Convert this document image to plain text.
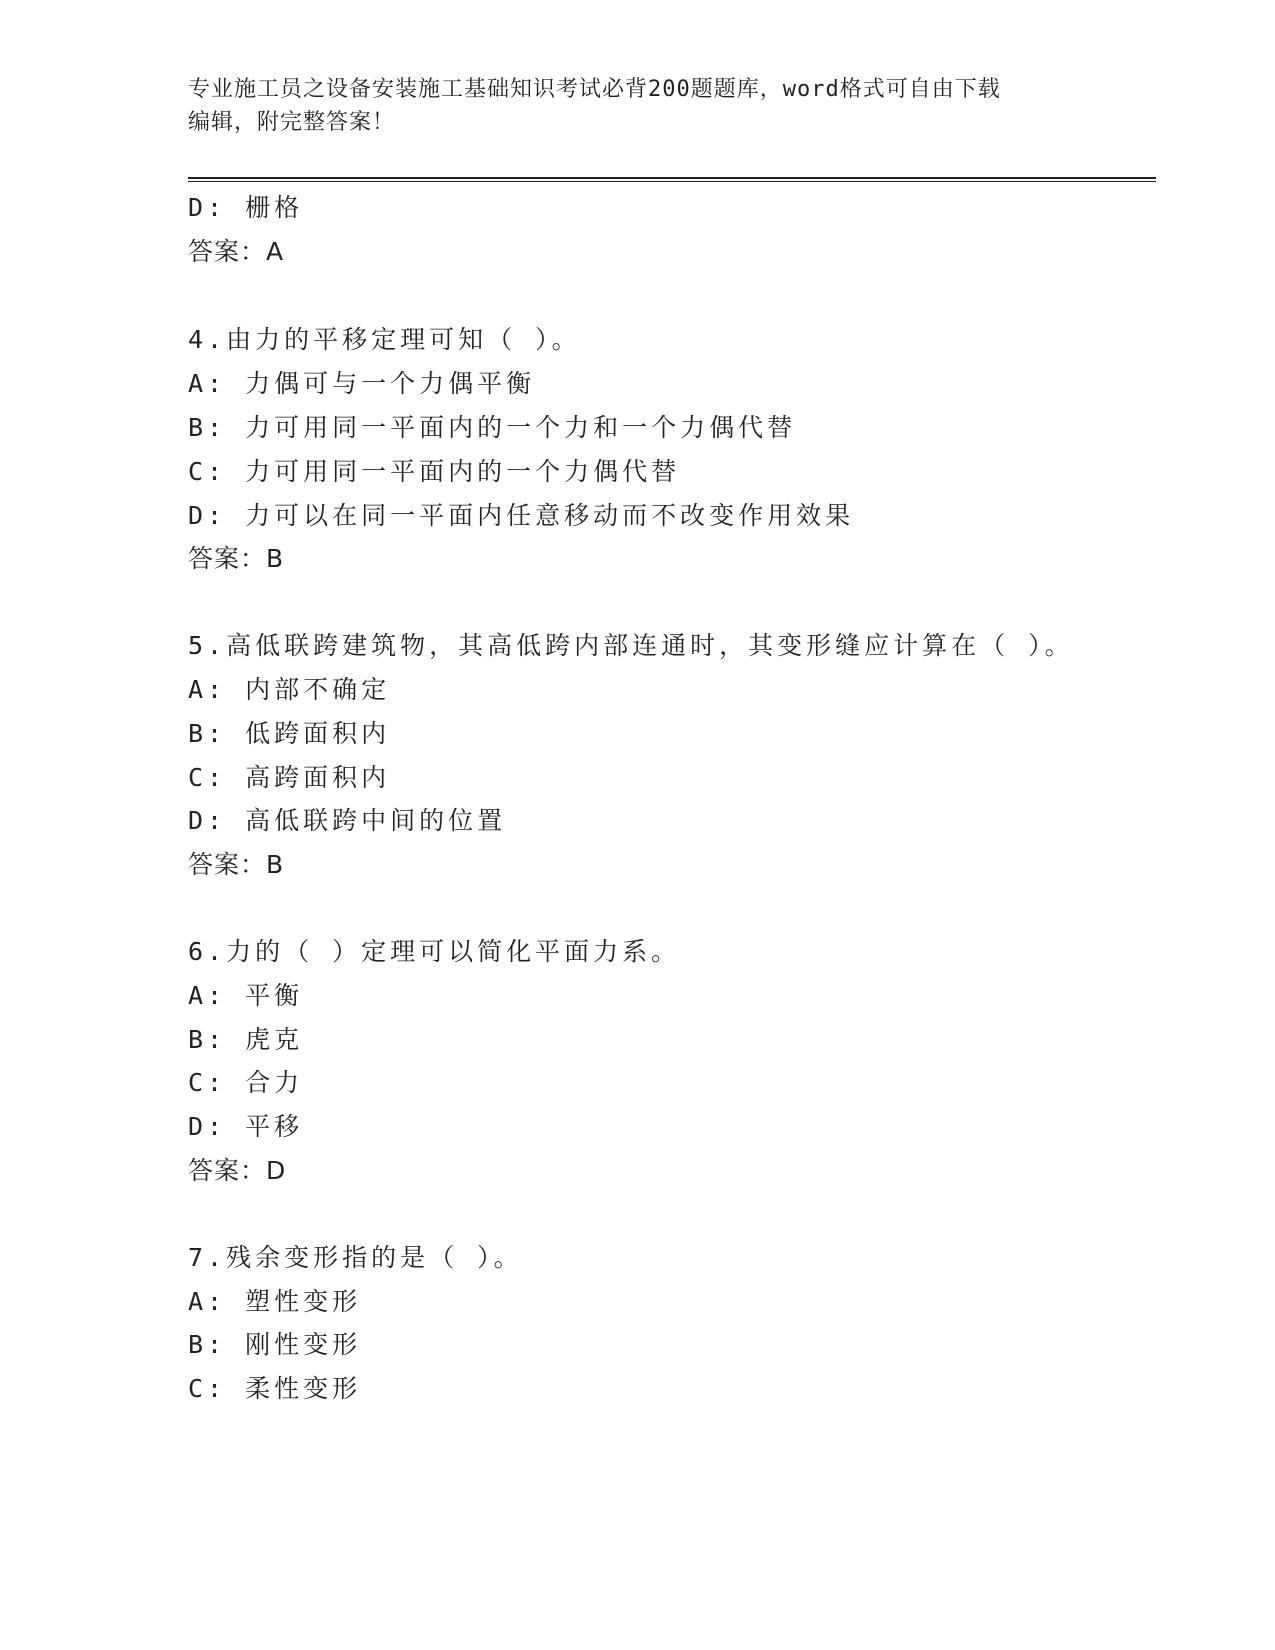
专业施工员之设备安装施工基础知识考试必背200题题库，word格式可自由下载
编辑，附完整答案！
D: 栅格
答案：A
4.由力的平移定理可知（ ）。
A: 力偶可与一个力偶平衡
B: 力可用同一平面内的一个力和一个力偶代替
C: 力可用同一平面内的一个力偶代替
D: 力可以在同一平面内任意移动而不改变作用效果
答案：B
5.高低联跨建筑物，其高低跨内部连通时，其变形缝应计算在（ ）。
A: 内部不确定
B: 低跨面积内
C: 高跨面积内
D: 高低联跨中间的位置
答案：B
6.力的（ ）定理可以简化平面力系。
A: 平衡
B: 虎克
C: 合力
D: 平移
答案：D
7.残余变形指的是（ ）。
A: 塑性变形
B: 刚性变形
C: 柔性变形
